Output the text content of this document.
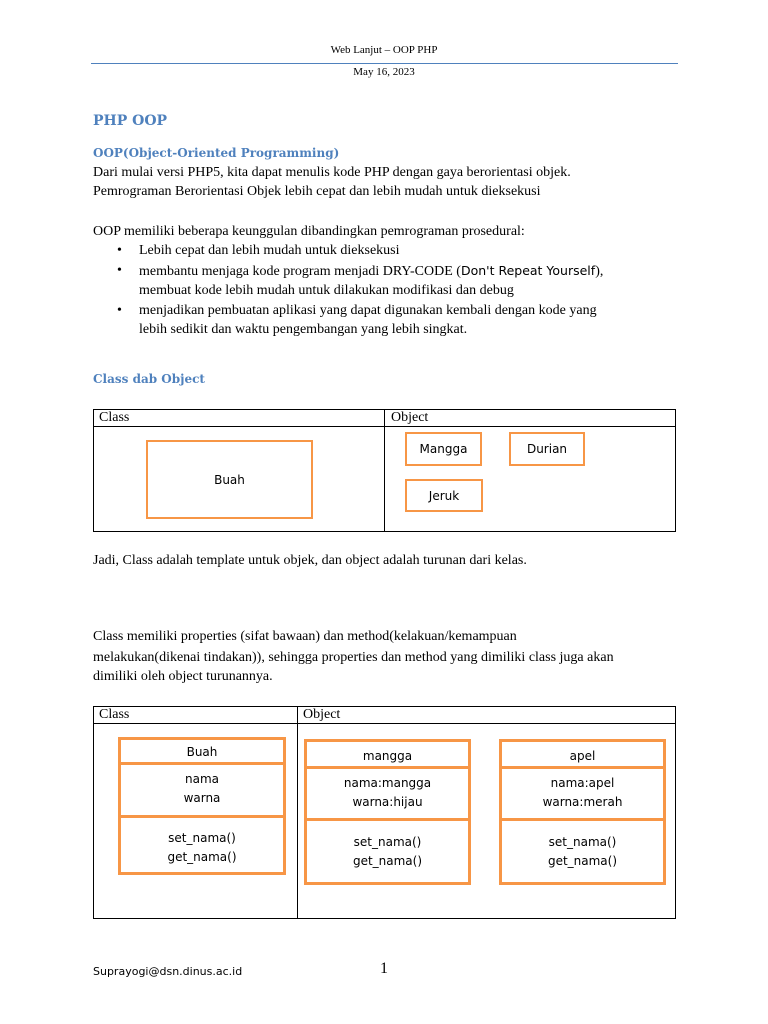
Web Lanjut – OOP PHP
May 16, 2023
PHP OOP
OOP(Object-Oriented Programming)
Dari mulai versi PHP5, kita dapat menulis kode PHP dengan gaya berorientasi objek.
Pemrograman Berorientasi Objek lebih cepat dan lebih mudah untuk dieksekusi
OOP memiliki beberapa keunggulan dibandingkan pemrograman prosedural:
• Lebih cepat dan lebih mudah untuk dieksekusi
• membantu menjaga kode program menjadi DRY-CODE (Don't Repeat Yourself),
membuat kode lebih mudah untuk dilakukan modifikasi dan debug
• menjadikan pembuatan aplikasi yang dapat digunakan kembali dengan kode yang
lebih sedikit dan waktu pengembangan yang lebih singkat.
Class dab Object
Class	Object
Buah
Mangga	Durian
Jeruk
Jadi, Class adalah template untuk objek, dan object adalah turunan dari kelas.
Class memiliki properties (sifat bawaan) dan method(kelakuan/kemampuan
melakukan(dikenai tindakan)), sehingga properties dan method yang dimiliki class juga akan
dimiliki oleh object turunannya.
Class	Object
Buah
nama
warna
set_nama()
get_nama()
mangga
nama:mangga
warna:hijau
set_nama()
get_nama()
apel
nama:apel
warna:merah
set_nama()
get_nama()
Suprayogi@dsn.dinus.ac.id	1
